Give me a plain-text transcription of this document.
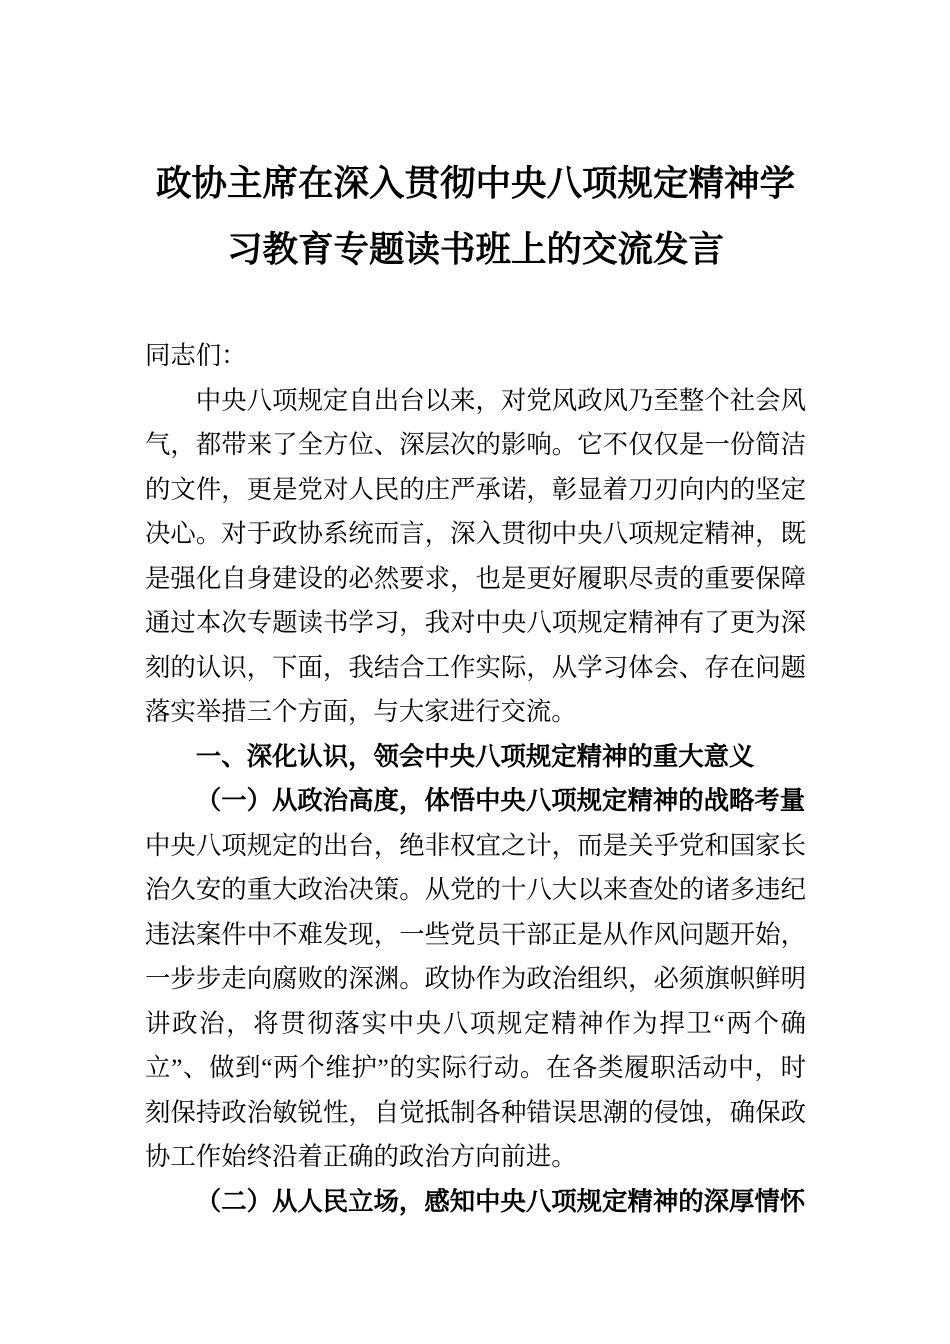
政协主席在深入贯彻中央八项规定精神学习教育专题读书班上的交流发言

同志们：

中央八项规定自出台以来，对党风政风乃至整个社会风气，都带来了全方位、深层次的影响。它不仅仅是一份简洁的文件，更是党对人民的庄严承诺，彰显着刀刃向内的坚定决心。对于政协系统而言，深入贯彻中央八项规定精神，既是强化自身建设的必然要求，也是更好履职尽责的重要保障通过本次专题读书学习，我对中央八项规定精神有了更为深刻的认识，下面，我结合工作实际，从学习体会、存在问题落实举措三个方面，与大家进行交流。

一、深化认识，领会中央八项规定精神的重大意义

（一）从政治高度，体悟中央八项规定精神的战略考量

中央八项规定的出台，绝非权宜之计，而是关乎党和国家长治久安的重大政治决策。从党的十八大以来查处的诸多违纪违法案件中不难发现，一些党员干部正是从作风问题开始，一步步走向腐败的深渊。政协作为政治组织，必须旗帜鲜明讲政治，将贯彻落实中央八项规定精神作为捍卫“两个确立”、做到“两个维护”的实际行动。在各类履职活动中，时刻保持政治敏锐性，自觉抵制各种错误思潮的侵蚀，确保政协工作始终沿着正确的政治方向前进。

（二）从人民立场，感知中央八项规定精神的深厚情怀
